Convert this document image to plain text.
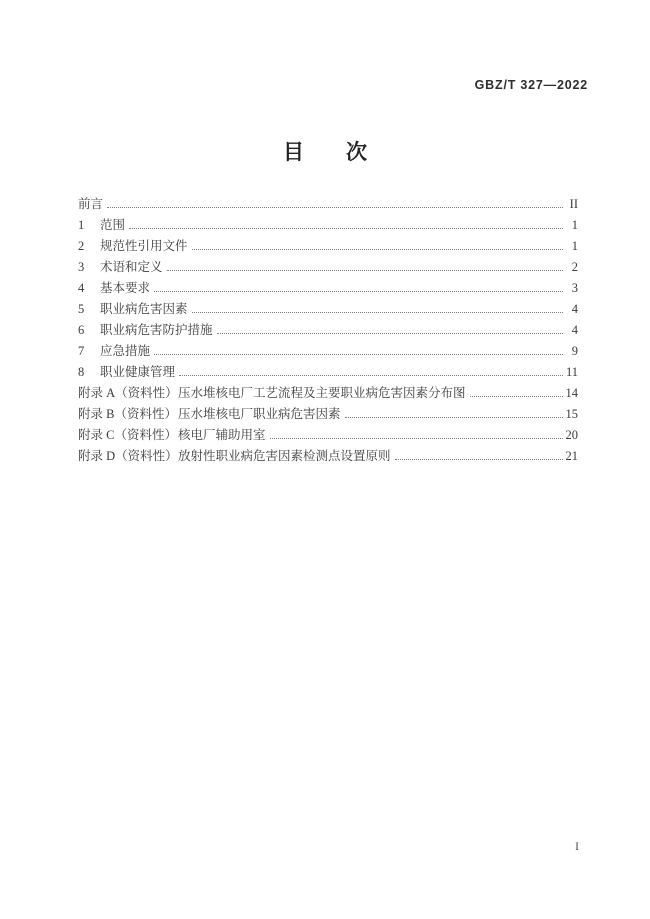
GBZ/T 327—2022
目　　次
前言	II
1	范围	1
2	规范性引用文件	1
3	术语和定义	2
4	基本要求	3
5	职业病危害因素	4
6	职业病危害防护措施	4
7	应急措施	9
8	职业健康管理	11
附录 A（资料性） 压水堆核电厂工艺流程及主要职业病危害因素分布图	14
附录 B（资料性） 压水堆核电厂职业病危害因素	15
附录 C（资料性） 核电厂辅助用室	20
附录 D（资料性） 放射性职业病危害因素检测点设置原则	21
I
